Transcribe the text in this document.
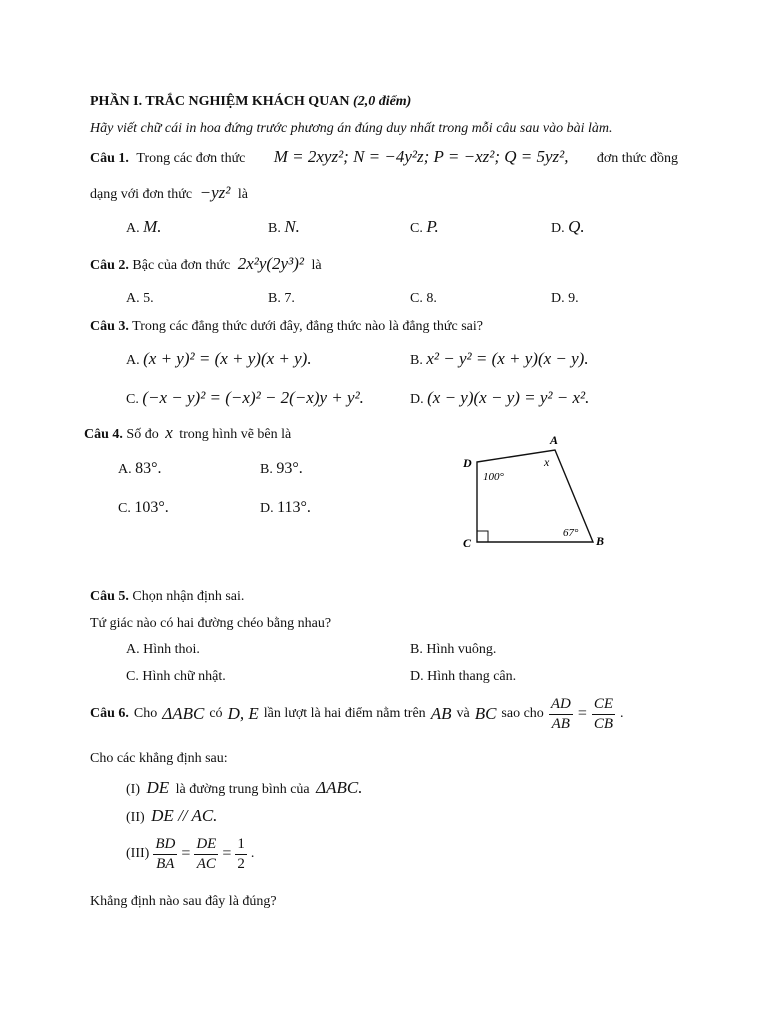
PHẦN I. TRẮC NGHIỆM KHÁCH QUAN (2,0 điểm)
Hãy viết chữ cái in hoa đứng trước phương án đúng duy nhất trong mỗi câu sau vào bài làm.
Câu 1. Trong các đơn thức M = 2xyz²; N = −4y²z; P = −xz²; Q = 5yz², đơn thức đồng
dạng với đơn thức −yz² là
A. M.	B. N.	C. P.	D. Q.
Câu 2. Bậc của đơn thức 2x²y(2y³)² là
A. 5.	B. 7.	C. 8.	D. 9.
Câu 3. Trong các đẳng thức dưới đây, đẳng thức nào là đẳng thức sai?
A. (x + y)² = (x + y)(x + y).	B. x² − y² = (x + y)(x − y).
C. (−x − y)² = (−x)² − 2(−x)y + y².	D. (x − y)(x − y) = y² − x².
Câu 4. Số đo x trong hình vẽ bên là
A. 83°.	B. 93°.
C. 103°.	D. 113°.
A
B
C
D
100°
x
67°
Câu 5. Chọn nhận định sai.
Tứ giác nào có hai đường chéo bằng nhau?
A. Hình thoi.	B. Hình vuông.
C. Hình chữ nhật.	D. Hình thang cân.
Câu 6. Cho ΔABC có D, E lần lượt là hai điểm nằm trên AB và BC sao cho $\frac{AD}{AB} = \frac{CE}{CB}$ .
Cho các khẳng định sau:
(I) DE là đường trung bình của ΔABC.
(II) DE // AC.
$(III) \frac{BD}{BA} = \frac{DE}{AC} = \frac{1}{2}$ .
Khẳng định nào sau đây là đúng?
